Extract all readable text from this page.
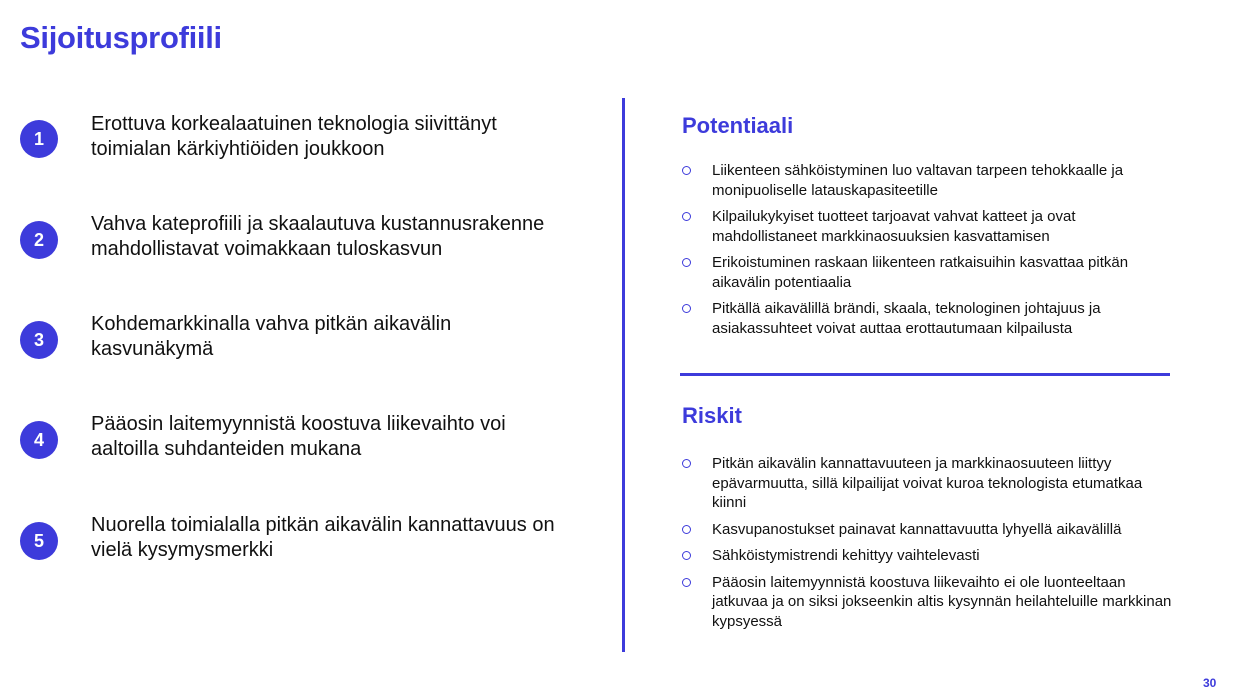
Sijoitusprofiili
1
Erottuva korkealaatuinen teknologia siivittänyt toimialan kärkiyhtiöiden joukkoon
2
Vahva kateprofiili ja skaalautuva kustannusrakenne mahdollistavat voimakkaan tuloskasvun
3
Kohdemarkkinalla vahva pitkän aikavälin kasvunäkymä
4
Pääosin laitemyynnistä koostuva liikevaihto voi aaltoilla suhdanteiden mukana
5
Nuorella toimialalla pitkän aikavälin kannattavuus on vielä kysymysmerkki
Potentiaali
Liikenteen sähköistyminen luo valtavan tarpeen tehokkaalle ja monipuoliselle latauskapasiteetille
Kilpailukykyiset tuotteet tarjoavat vahvat katteet ja ovat mahdollistaneet markkinaosuuksien kasvattamisen
Erikoistuminen raskaan liikenteen ratkaisuihin kasvattaa pitkän aikavälin potentiaalia
Pitkällä aikavälillä brändi, skaala, teknologinen johtajuus ja asiakassuhteet voivat auttaa erottautumaan kilpailusta
Riskit
Pitkän aikavälin kannattavuuteen ja markkinaosuuteen liittyy epävarmuutta, sillä kilpailijat voivat kuroa teknologista etumatkaa kiinni
Kasvupanostukset painavat kannattavuutta lyhyellä aikavälillä
Sähköistymistrendi kehittyy vaihtelevasti
Pääosin laitemyynnistä koostuva liikevaihto ei ole luonteeltaan jatkuvaa ja on siksi jokseenkin altis kysynnän heilahteluille markkinan kypsyessä
30
